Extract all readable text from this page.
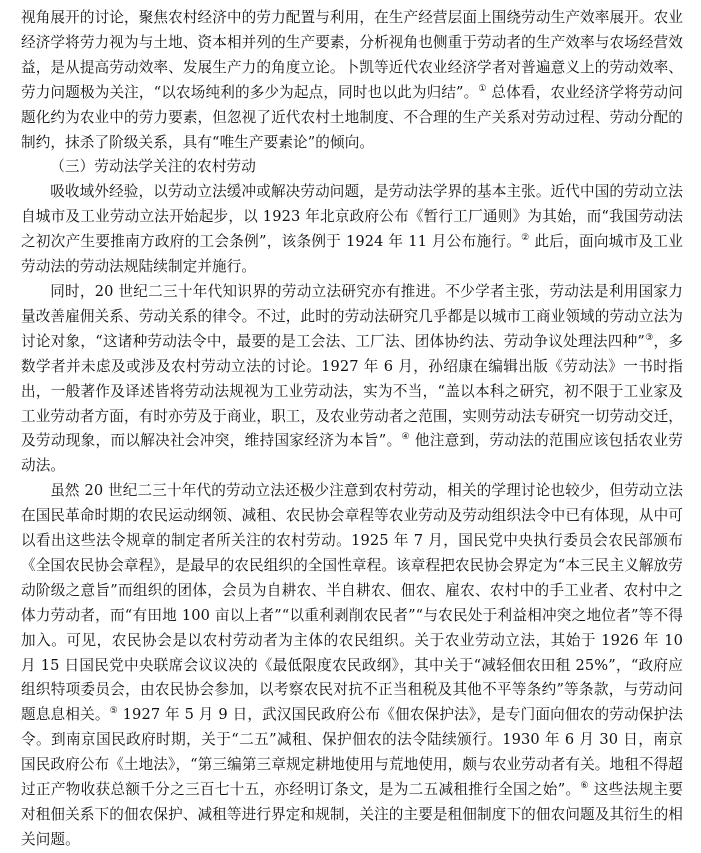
视角展开的讨论，聚焦农村经济中的劳力配置与利用，在生产经营层面上围绕劳动生产效率展开。农业经济学将劳力视为与土地、资本相并列的生产要素，分析视角也侧重于劳动者的生产效率与农场经营效益，是从提高劳动效率、发展生产力的角度立论。卜凯等近代农业经济学者对普遍意义上的劳动效率、劳力问题极为关注，“以农场纯利的多少为起点，同时也以此为归结”。① 总体看，农业经济学将劳动问题化约为农业中的劳力要素，但忽视了近代农村土地制度、不合理的生产关系对劳动过程、劳动分配的制约，抹杀了阶级关系，具有“唯生产要素论”的倾向。

（三）劳动法学关注的农村劳动

吸收域外经验，以劳动立法缓冲或解决劳动问题，是劳动法学界的基本主张。近代中国的劳动立法自城市及工业劳动立法开始起步，以 1923 年北京政府公布《暂行工厂通则》为其始，而“我国劳动法之初次产生要推南方政府的工会条例”，该条例于 1924 年 11 月公布施行。② 此后，面向城市及工业劳动法的劳动法规陆续制定并施行。

同时，20 世纪二三十年代知识界的劳动立法研究亦有推进。不少学者主张，劳动法是利用国家力量改善雇佣关系、劳动关系的律令。不过，此时的劳动法研究几乎都是以城市工商业领域的劳动立法为讨论对象，“这诸种劳动法令中，最要的是工会法、工厂法、团体协约法、劳动争议处理法四种”③，多数学者并未虑及或涉及农村劳动立法的讨论。1927 年 6 月，孙绍康在编辑出版《劳动法》一书时指出，一般著作及译述皆将劳动法规视为工业劳动法，实为不当，“盖以本科之研究，初不限于工业家及工业劳动者方面，有时亦劳及于商业，职工，及农业劳动者之范围，实则劳动法专研究一切劳动交迁，及劳动现象，而以解决社会冲突，维持国家经济为本旨”。④ 他注意到，劳动法的范围应该包括农业劳动法。

虽然 20 世纪二三十年代的劳动立法还极少注意到农村劳动，相关的学理讨论也较少，但劳动立法在国民革命时期的农民运动纲领、减租、农民协会章程等农业劳动及劳动组织法令中已有体现，从中可以看出这些法令规章的制定者所关注的农村劳动。1925 年 7 月，国民党中央执行委员会农民部颁布《全国农民协会章程》，是最早的农民组织的全国性章程。该章程把农民协会界定为“本三民主义解放劳动阶级之意旨”而组织的团体，会员为自耕农、半自耕农、佃农、雇农、农村中的手工业者、农村中之体力劳动者，而“有田地 100 亩以上者”“以重利剥削农民者”“与农民处于利益相冲突之地位者”等不得加入。可见，农民协会是以农村劳动者为主体的农民组织。关于农业劳动立法，其始于 1926 年 10 月 15 日国民党中央联席会议议决的《最低限度农民政纲》，其中关于“减轻佃农田租 25%”，“政府应组织特项委员会，由农民协会参加，以考察农民对抗不正当租税及其他不平等条约”等条款，与劳动问题息息相关。⑤ 1927 年 5 月 9 日，武汉国民政府公布《佃农保护法》，是专门面向佃农的劳动保护法令。到南京国民政府时期，关于“二五”减租、保护佃农的法令陆续颁行。1930 年 6 月 30 日，南京国民政府公布《土地法》，“第三编第三章规定耕地使用与荒地使用，颇与农业劳动者有关。地租不得超过正产物收获总额千分之三百七十五，亦经明订条文，是为二五减租推行全国之始”。⑥ 这些法规主要对租佃关系下的佃农保护、减租等进行界定和规制，关注的主要是租佃制度下的佃农问题及其衍生的相关问题。
